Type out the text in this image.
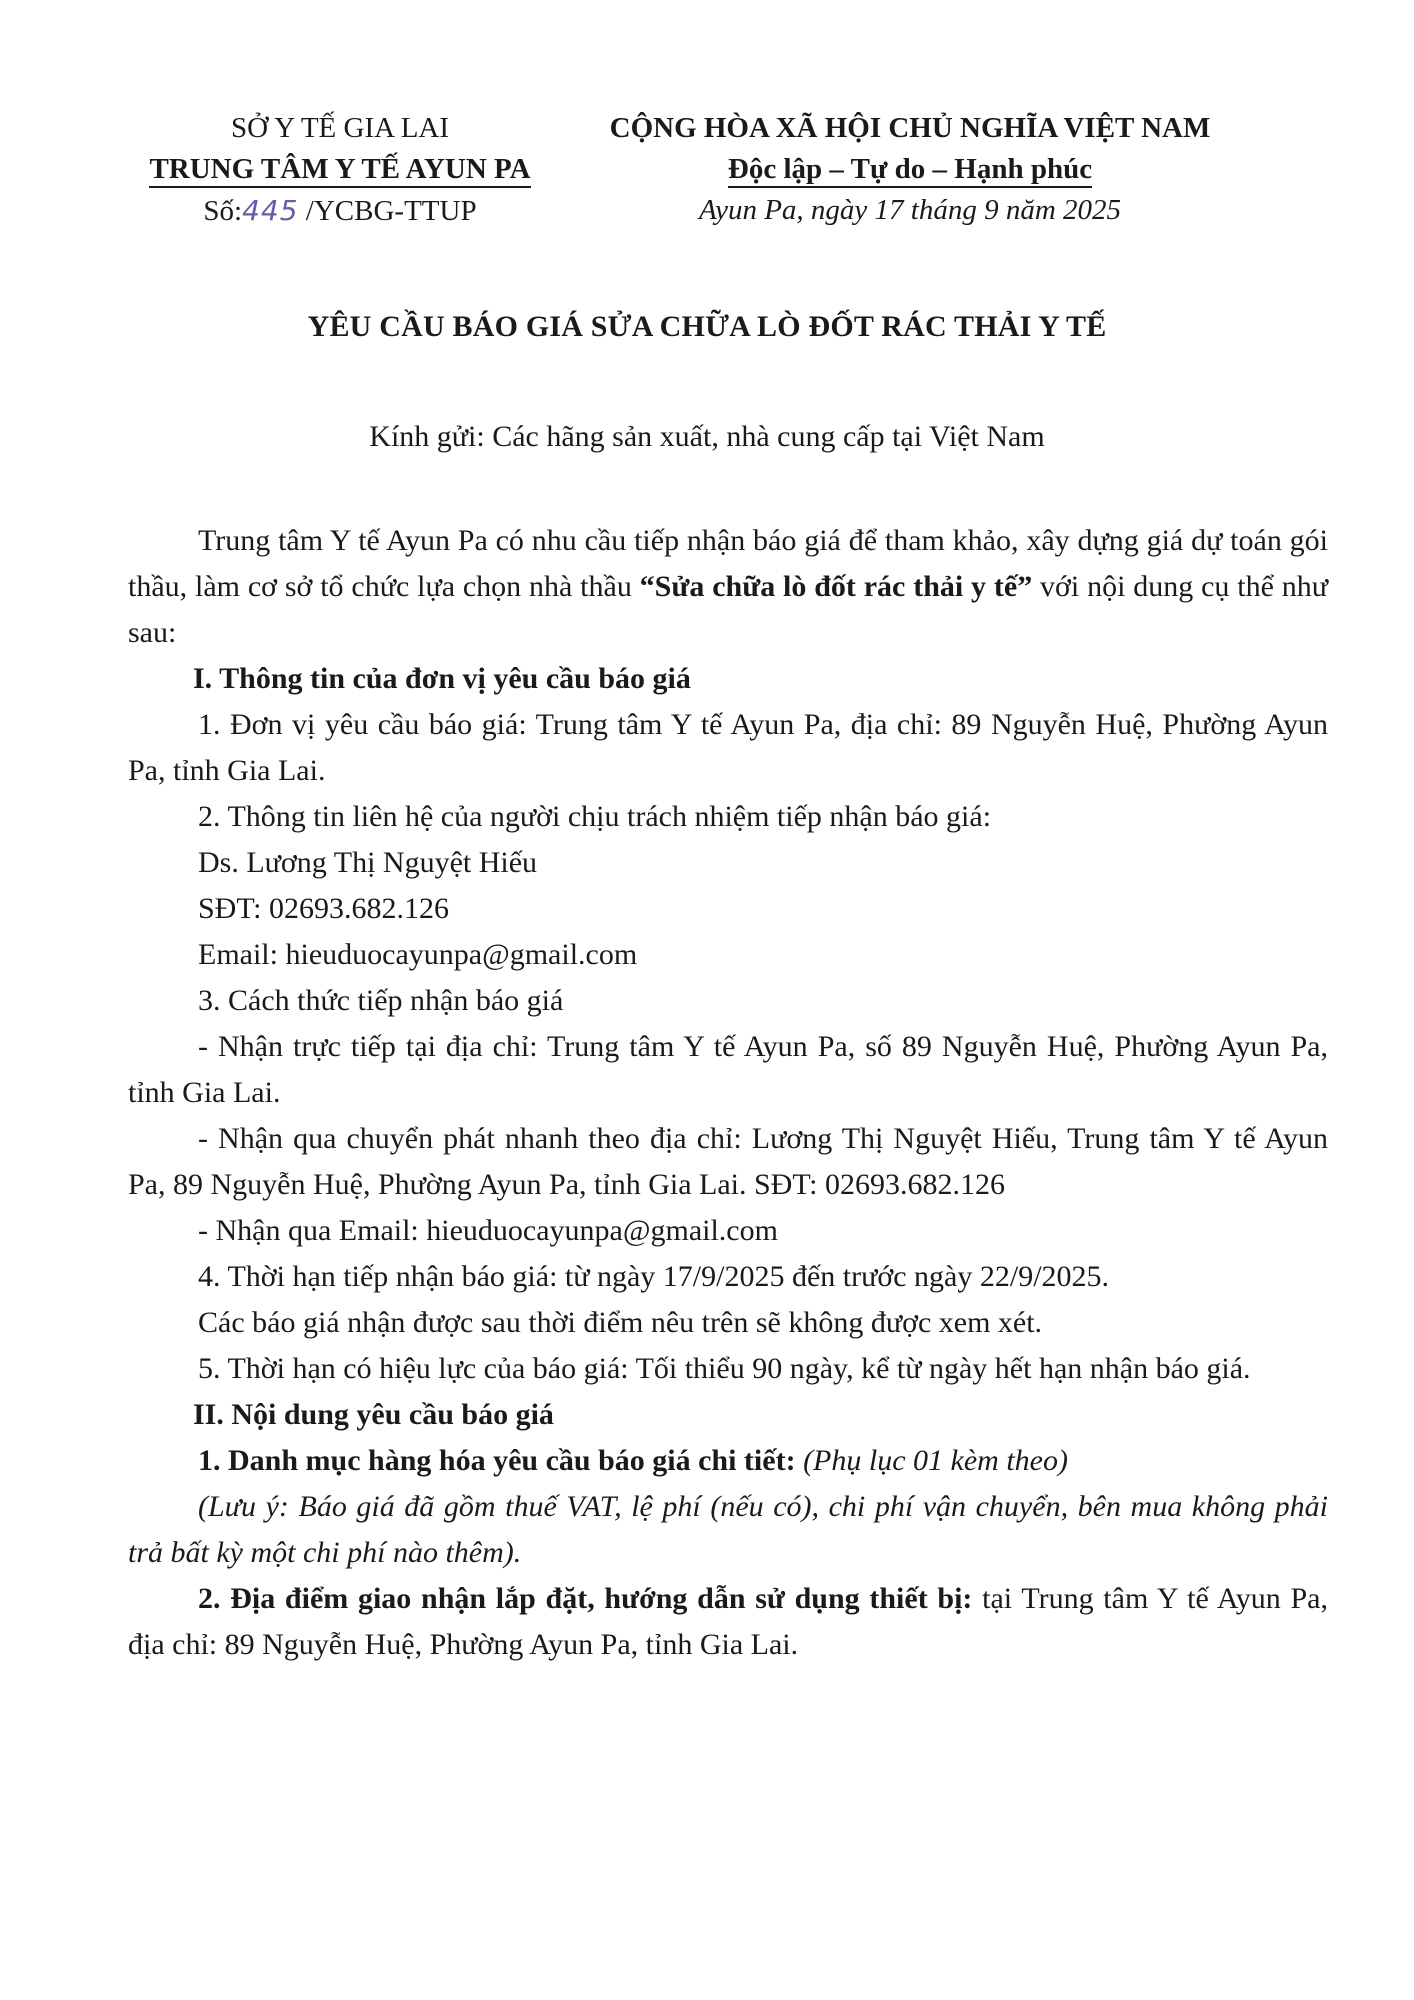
SỞ Y TẾ GIA LAI
TRUNG TÂM Y TẾ AYUN PA
Số:445 /YCBG-TTUP
CỘNG HÒA XÃ HỘI CHỦ NGHĨA VIỆT NAM
Độc lập – Tự do – Hạnh phúc
Ayun Pa, ngày 17 tháng 9 năm 2025
YÊU CẦU BÁO GIÁ SỬA CHỮA LÒ ĐỐT RÁC THẢI Y TẾ
Kính gửi: Các hãng sản xuất, nhà cung cấp tại Việt Nam

Trung tâm Y tế Ayun Pa có nhu cầu tiếp nhận báo giá để tham khảo, xây dựng giá dự toán gói thầu, làm cơ sở tổ chức lựa chọn nhà thầu “Sửa chữa lò đốt rác thải y tế” với nội dung cụ thể như sau:

I. Thông tin của đơn vị yêu cầu báo giá

1. Đơn vị yêu cầu báo giá: Trung tâm Y tế Ayun Pa, địa chỉ: 89 Nguyễn Huệ, Phường Ayun Pa, tỉnh Gia Lai.

2. Thông tin liên hệ của người chịu trách nhiệm tiếp nhận báo giá:

Ds. Lương Thị Nguyệt Hiếu

SĐT: 02693.682.126

Email: hieuduocayunpa@gmail.com

3. Cách thức tiếp nhận báo giá

- Nhận trực tiếp tại địa chỉ: Trung tâm Y tế Ayun Pa, số 89 Nguyễn Huệ, Phường Ayun Pa, tỉnh Gia Lai.

- Nhận qua chuyển phát nhanh theo địa chỉ: Lương Thị Nguyệt Hiếu, Trung tâm Y tế Ayun Pa, 89 Nguyễn Huệ, Phường Ayun Pa, tỉnh Gia Lai. SĐT: 02693.682.126

- Nhận qua Email: hieuduocayunpa@gmail.com

4. Thời hạn tiếp nhận báo giá: từ ngày 17/9/2025 đến trước ngày 22/9/2025.

Các báo giá nhận được sau thời điểm nêu trên sẽ không được xem xét.

5. Thời hạn có hiệu lực của báo giá: Tối thiểu 90 ngày, kể từ ngày hết hạn nhận báo giá.

II. Nội dung yêu cầu báo giá

1. Danh mục hàng hóa yêu cầu báo giá chi tiết: (Phụ lục 01 kèm theo)

(Lưu ý: Báo giá đã gồm thuế VAT, lệ phí (nếu có), chi phí vận chuyển, bên mua không phải trả bất kỳ một chi phí nào thêm).

2. Địa điểm giao nhận lắp đặt, hướng dẫn sử dụng thiết bị: tại Trung tâm Y tế Ayun Pa, địa chỉ: 89 Nguyễn Huệ, Phường Ayun Pa, tỉnh Gia Lai.
